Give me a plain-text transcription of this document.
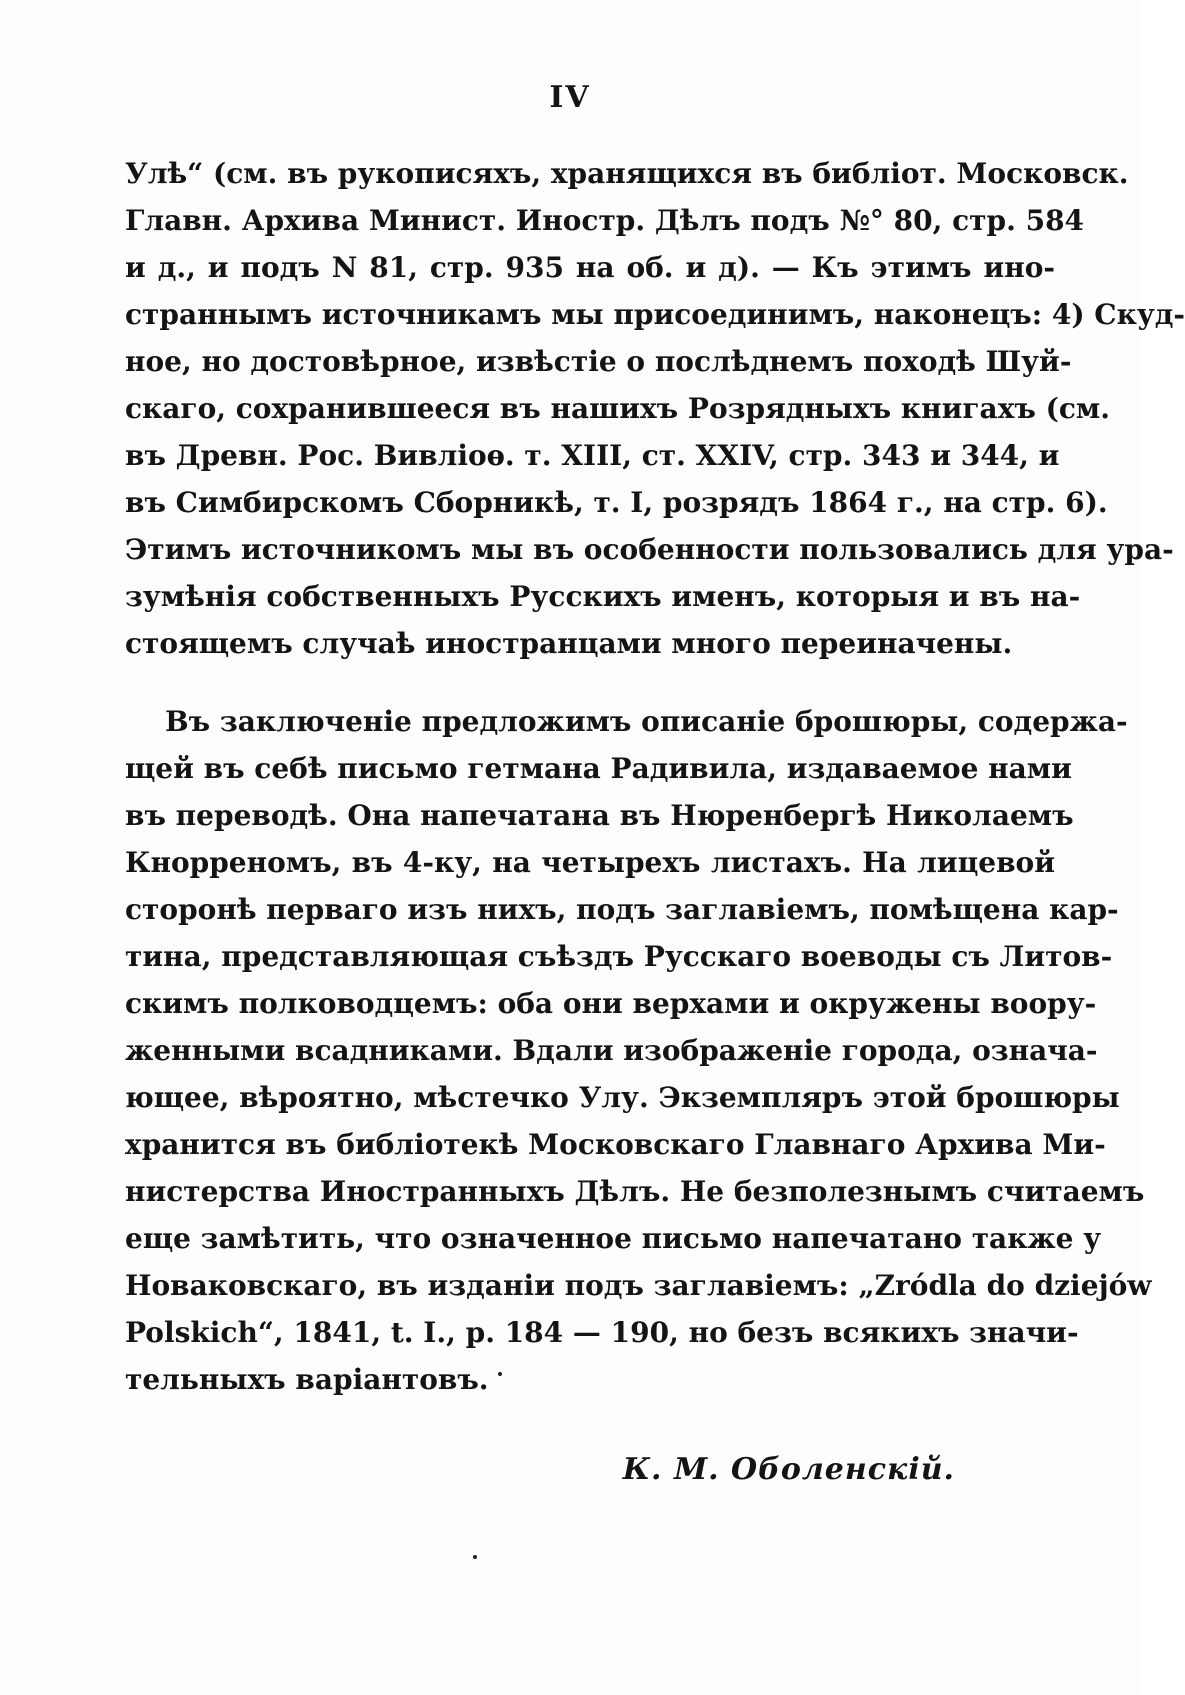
IV
Улѣ“ (см. въ рукописяхъ, хранящихся въ библiот. Московск.
Главн. Архива Минист. Иностр. Дѣлъ подъ №° 80, стр. 584
и д., и подъ N 81, стр. 935 на об. и д). — Къ этимъ ино-
страннымъ источникамъ мы присоединимъ, наконецъ: 4) Скуд-
ное, но достовѣрное, извѣстiе о послѣднемъ походѣ Шуй-
скаго, сохранившееся въ нашихъ Розрядныхъ книгахъ (см.
въ Древн. Рос. Вивлiоѳ. т. XIII, ст. XXIV, стр. 343 и 344, и
въ Симбирскомъ Сборникѣ, т. I, розрядъ 1864 г., на стр. 6).
Этимъ источникомъ мы въ особенности пользовались для ура-
зумѣнiя собственныхъ Русскихъ именъ, которыя и въ на-
стоящемъ случаѣ иностранцами много переиначены.
Въ заключенiе предложимъ описанiе брошюры, содержа-
щей въ себѣ письмо гетмана Радивила, издаваемое нами
въ переводѣ. Она напечатана въ Нюренбергѣ Николаемъ
Кнорреномъ, въ 4-ку, на четырехъ листахъ. На лицевой
сторонѣ перваго изъ нихъ, подъ заглавiемъ, помѣщена кар-
тина, представляющая съѣздъ Русскаго воеводы съ Литов-
скимъ полководцемъ: оба они верхами и окружены воору-
женными всадниками. Вдали изображенiе города, означа-
ющее, вѣроятно, мѣстечко Улу. Экземпляръ этой брошюры
хранится въ библiотекѣ Московскаго Главнаго Архива Ми-
нистерства Иностранныхъ Дѣлъ. Не безполезнымъ считаемъ
еще замѣтить, что означенное письмо напечатано также у
Новаковскаго, въ изданiи подъ заглавiемъ: „Zródla do dziejów
Polskich“, 1841, t. I., p. 184 — 190, но безъ всякихъ значи-
тельныхъ варiантовъ.
К. М. Оболенскiй.
